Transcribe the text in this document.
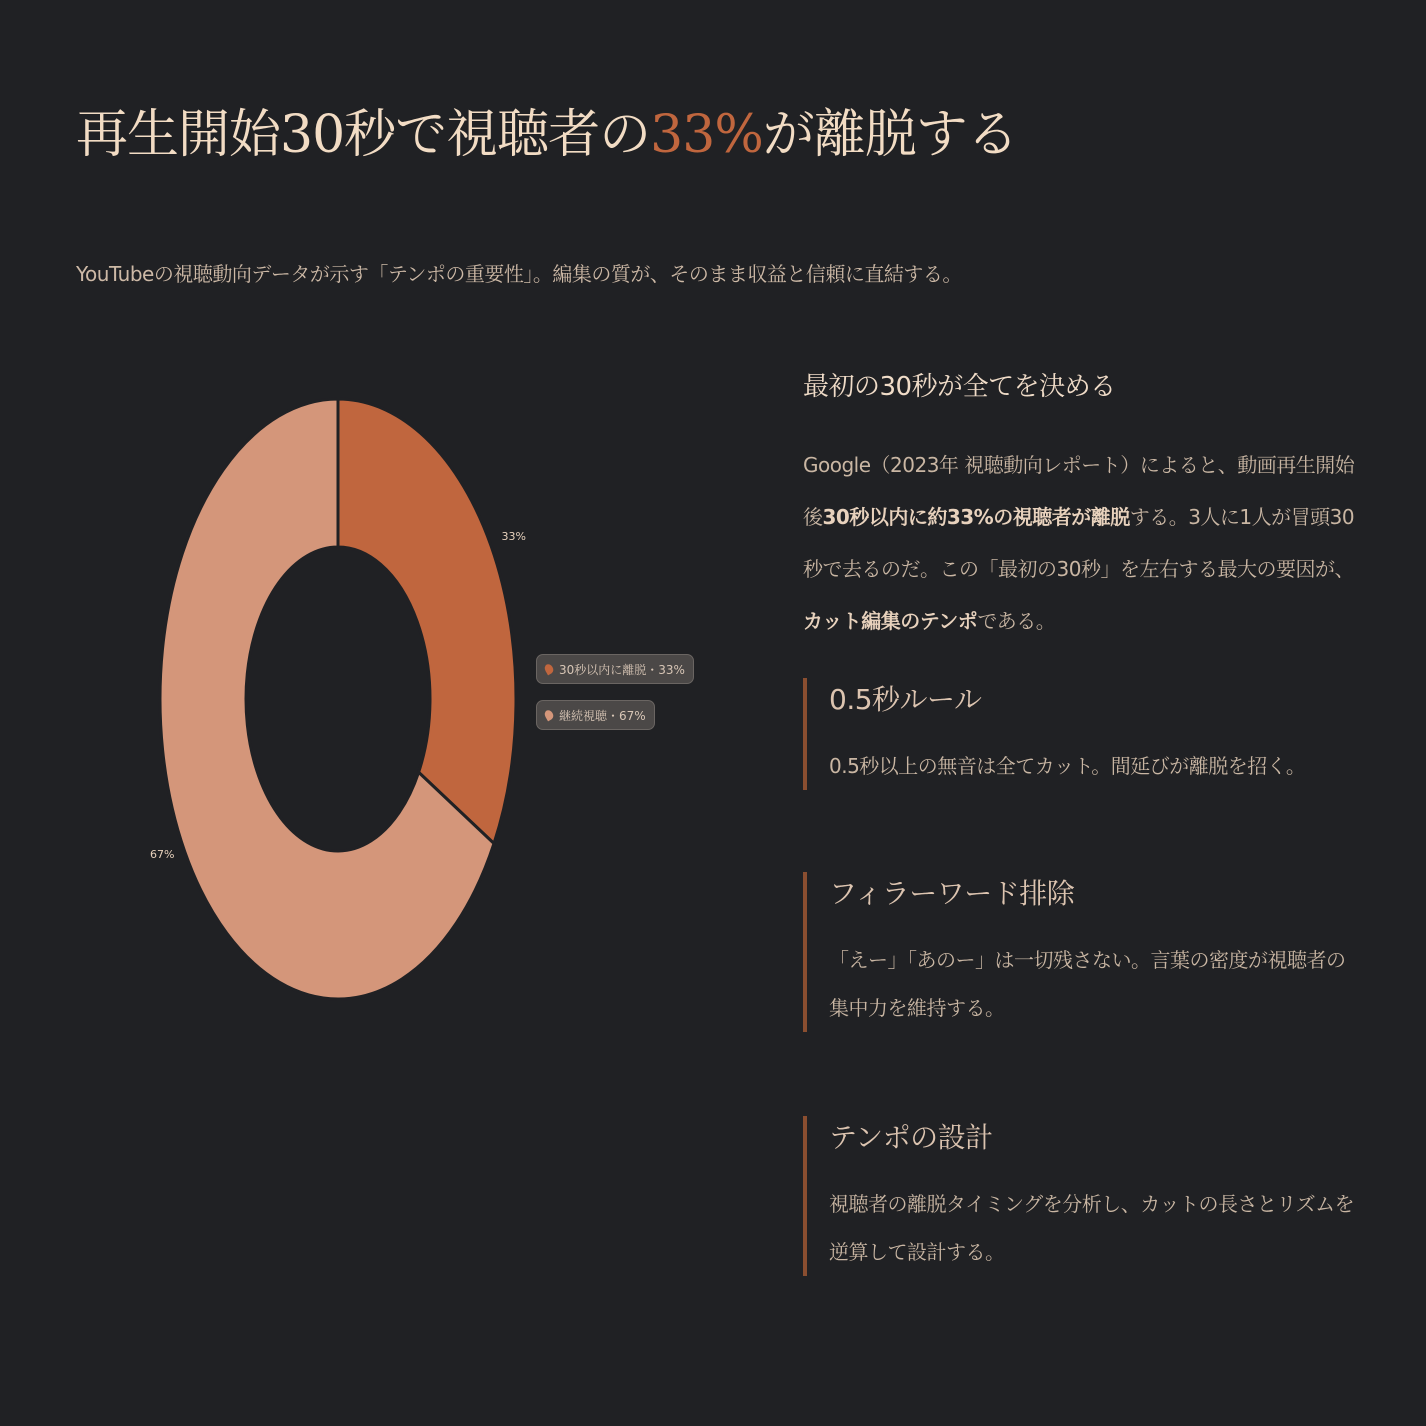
再生開始30秒で視聴者の33%が離脱する
YouTubeの視聴動向データが示す「テンポの重要性」。編集の質が、そのまま収益と信頼に直結する。
33%
67%
30秒以内に離脱・33%
継続視聴・67%
最初の30秒が全てを決める
Google（2023年 視聴動向レポート）によると、動画再生開始後30秒以内に約33%の視聴者が離脱する。3人に1人が冒頭30秒で去るのだ。この「最初の30秒」を左右する最大の要因が、カット編集のテンポである。
0.5秒ルール
0.5秒以上の無音は全てカット。間延びが離脱を招く。
フィラーワード排除
「えー」「あのー」は一切残さない。言葉の密度が視聴者の集中力を維持する。
テンポの設計
視聴者の離脱タイミングを分析し、カットの長さとリズムを逆算して設計する。
